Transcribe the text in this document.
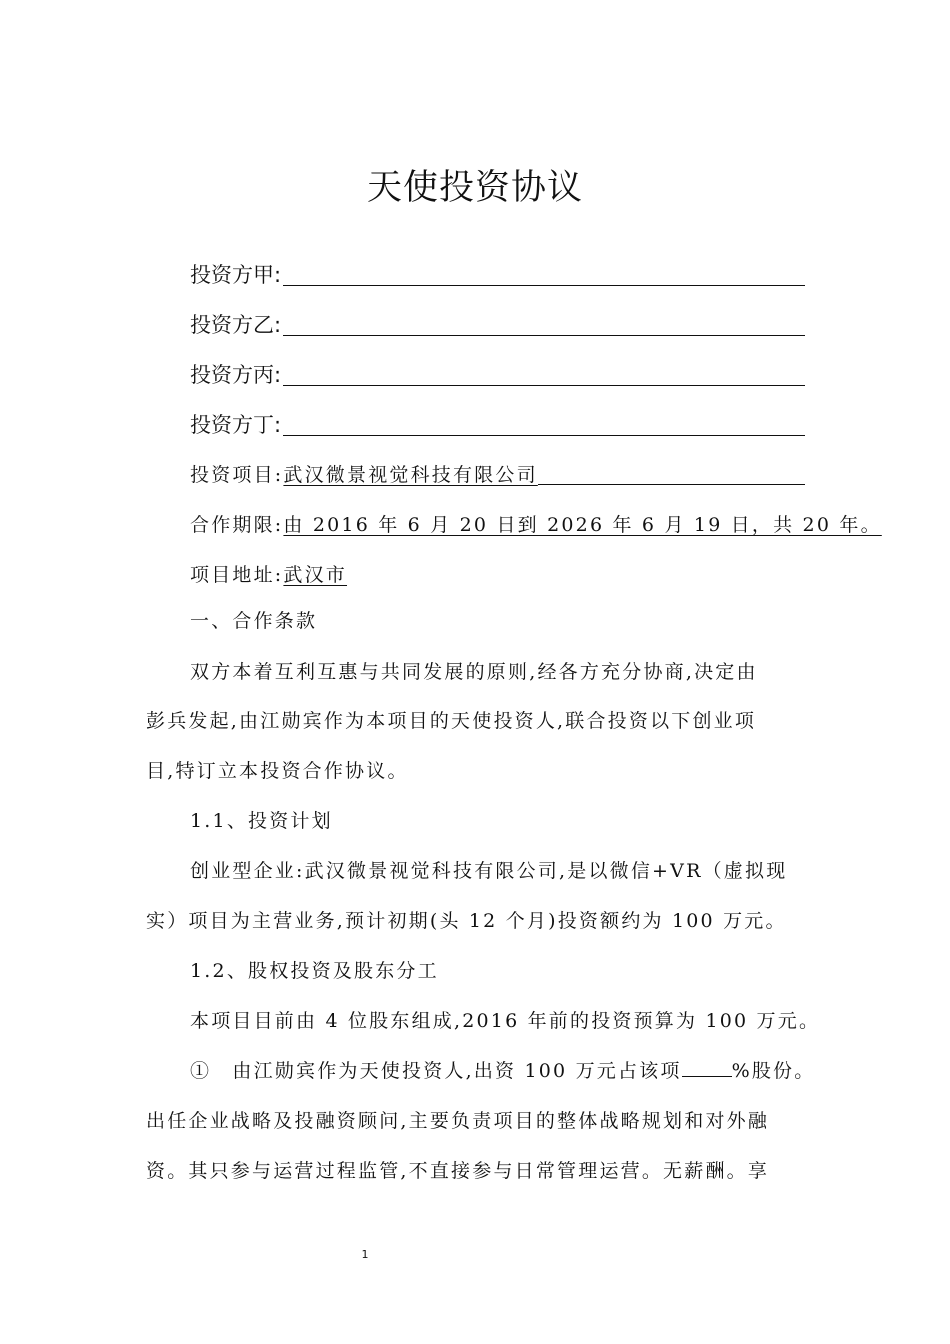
天使投资协议
投资方甲:
投资方乙:
投资方丙:
投资方丁:
投资项目: 武汉微景视觉科技有限公司
合作期限: 由 2016 年 6 月 20 日到 2026 年 6 月 19 日，共 20 年。
项目地址: 武汉市
一、合作条款
双方本着互利互惠与共同发展的原则,经各方充分协商,决定由
彭兵发起,由江勋宾作为本项目的天使投资人,联合投资以下创业项
目,特订立本投资合作协议。
1.1、投资计划
创业型企业:武汉微景视觉科技有限公司,是以微信+VR（虚拟现
实）项目为主营业务,预计初期(头 12 个月)投资额约为 100 万元。
1.2、股权投资及股东分工
本项目目前由 4 位股东组成,2016 年前的投资预算为 100 万元。
①　由江勋宾作为天使投资人,出资 100 万元占该项	%股份。
出任企业战略及投融资顾问,主要负责项目的整体战略规划和对外融
资。其只参与运营过程监管,不直接参与日常管理运营。无薪酬。享
1
